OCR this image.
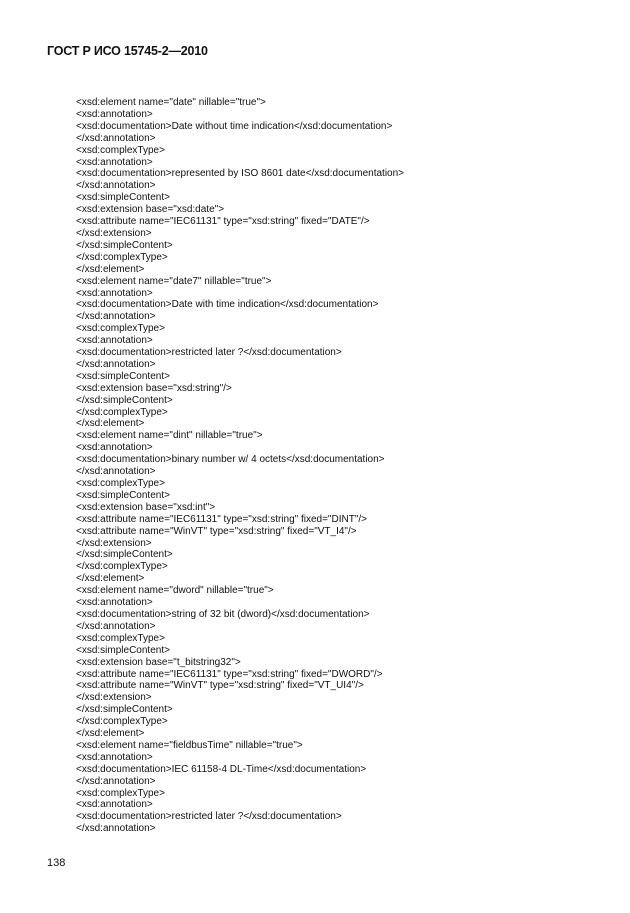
ГОСТ Р ИСО 15745-2—2010
<xsd:element name="date" nillable="true">
<xsd:annotation>
<xsd:documentation>Date without time indication</xsd:documentation>
</xsd:annotation>
<xsd:complexType>
<xsd:annotation>
<xsd:documentation>represented by ISO 8601 date</xsd:documentation>
</xsd:annotation>
<xsd:simpleContent>
<xsd:extension base="xsd:date">
<xsd:attribute name="IEC61131" type="xsd:string" fixed="DATE"/>
</xsd:extension>
</xsd:simpleContent>
</xsd:complexType>
</xsd:element>
<xsd:element name="date7" nillable="true">
<xsd:annotation>
<xsd:documentation>Date with time indication</xsd:documentation>
</xsd:annotation>
<xsd:complexType>
<xsd:annotation>
<xsd:documentation>restricted later ?</xsd:documentation>
</xsd:annotation>
<xsd:simpleContent>
<xsd:extension base="xsd:string"/>
</xsd:simpleContent>
</xsd:complexType>
</xsd:element>
<xsd:element name="dint" nillable="true">
<xsd:annotation>
<xsd:documentation>binary number w/ 4 octets</xsd:documentation>
</xsd:annotation>
<xsd:complexType>
<xsd:simpleContent>
<xsd:extension base="xsd:int">
<xsd:attribute name="IEC61131" type="xsd:string" fixed="DINT"/>
<xsd:attribute name="WinVT" type="xsd:string" fixed="VT_I4"/>
</xsd:extension>
</xsd:simpleContent>
</xsd:complexType>
</xsd:element>
<xsd:element name="dword" nillable="true">
<xsd:annotation>
<xsd:documentation>string of 32 bit (dword)</xsd:documentation>
</xsd:annotation>
<xsd:complexType>
<xsd:simpleContent>
<xsd:extension base="t_bitstring32">
<xsd:attribute name="IEC61131" type="xsd:string" fixed="DWORD"/>
<xsd:attribute name="WinVT" type="xsd:string" fixed="VT_UI4"/>
</xsd:extension>
</xsd:simpleContent>
</xsd:complexType>
</xsd:element>
<xsd:element name="fieldbusTime" nillable="true">
<xsd:annotation>
<xsd:documentation>IEC 61158-4 DL-Time</xsd:documentation>
</xsd:annotation>
<xsd:complexType>
<xsd:annotation>
<xsd:documentation>restricted later ?</xsd:documentation>
</xsd:annotation>
138
